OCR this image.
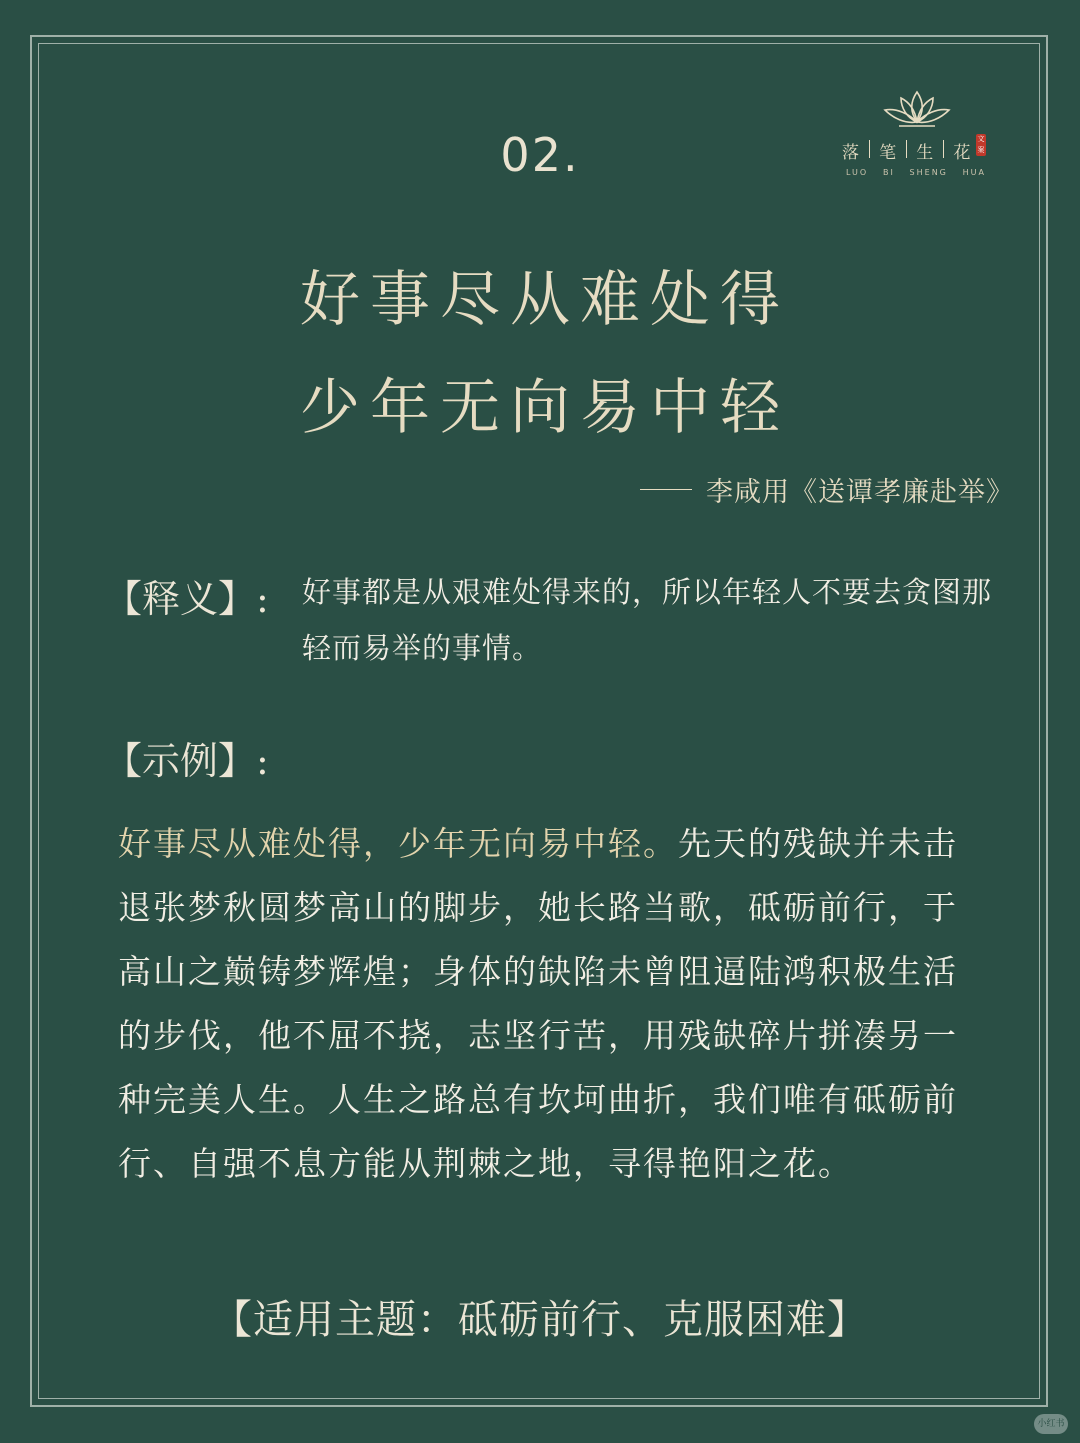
落 笔 生 花
文案
LUO BI SHENG HUA
02.
好事尽从难处得
少年无向易中轻
李咸用《送谭孝廉赴举》
【释义】: 好事都是从艰难处得来的，所以年轻人不要去贪图那轻而易举的事情。
【示例】:
好事尽从难处得，少年无向易中轻。先天的残缺并未击退张梦秋圆梦高山的脚步，她长路当歌，砥砺前行，于高山之巅铸梦辉煌；身体的缺陷未曾阻逼陆鸿积极生活的步伐，他不屈不挠，志坚行苦，用残缺碎片拼凑另一种完美人生。人生之路总有坎坷曲折，我们唯有砥砺前行、自强不息方能从荆棘之地，寻得艳阳之花。
【适用主题：砥砺前行、克服困难】
小红书
